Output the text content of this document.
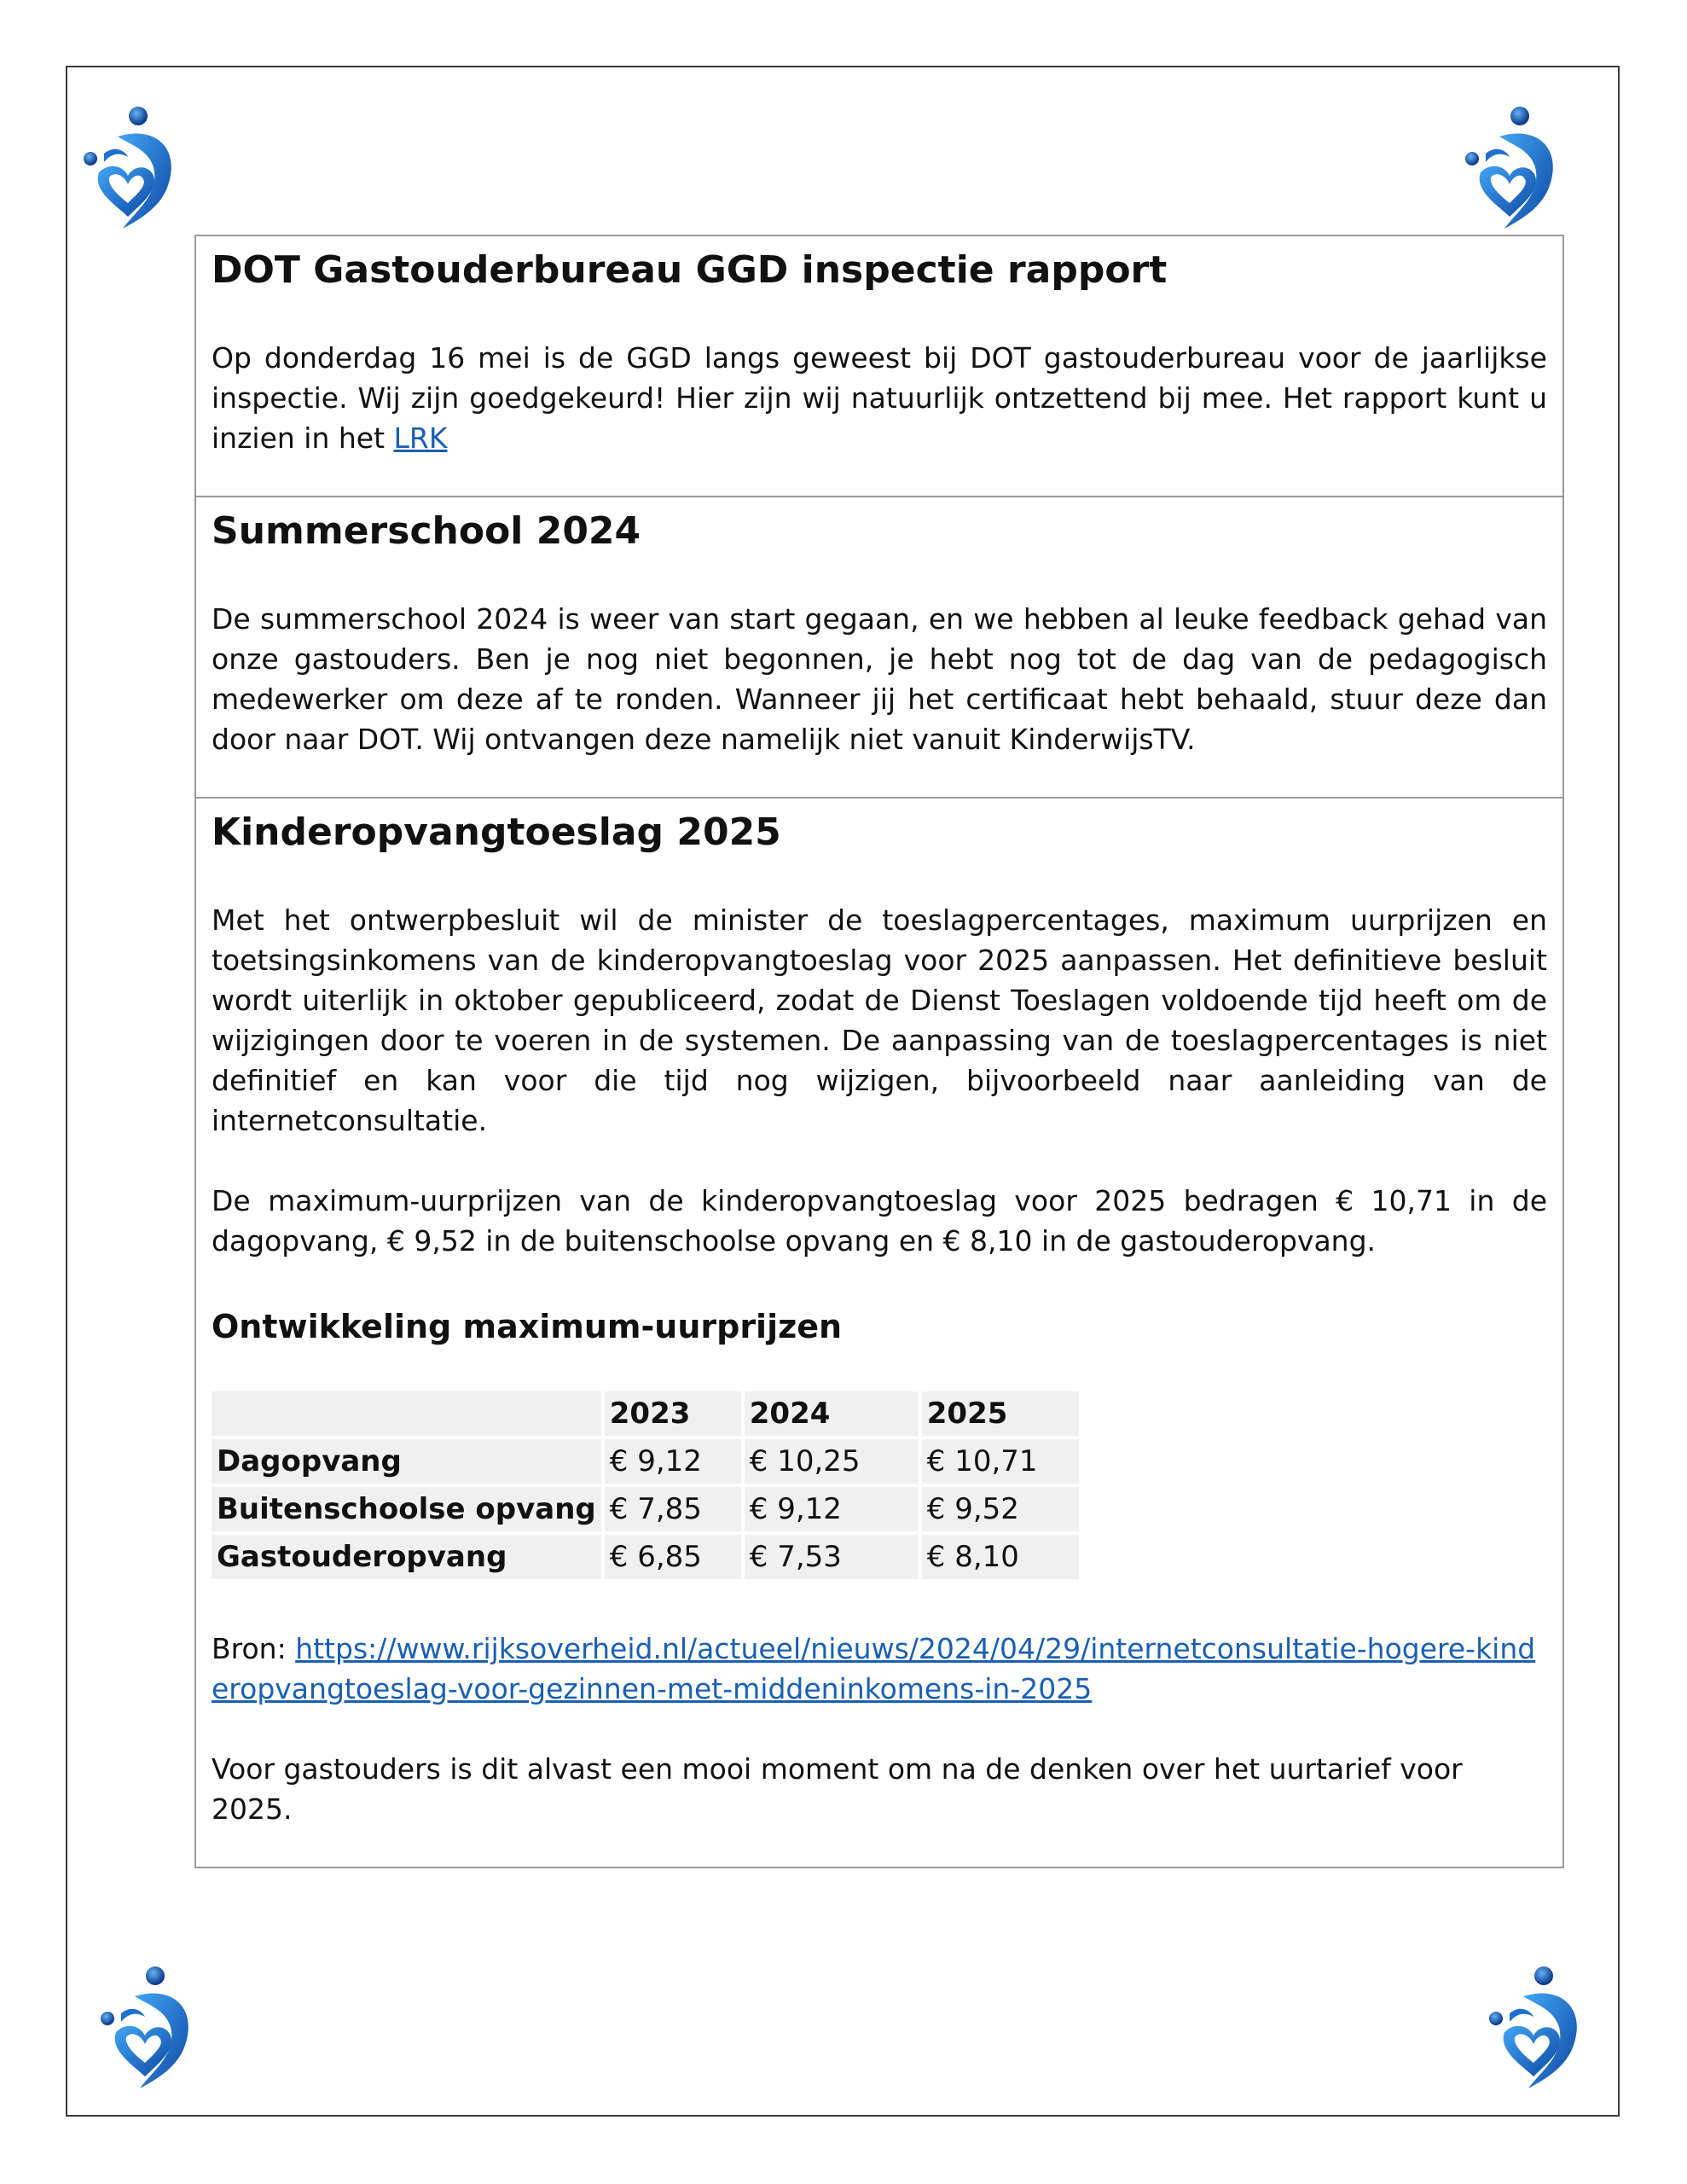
DOT Gastouderbureau GGD inspectie rapport

Op donderdag 16 mei is de GGD langs geweest bij DOT gastouderbureau voor de jaarlijkse inspectie. Wij zijn goedgekeurd! Hier zijn wij natuurlijk ontzettend bij mee. Het rapport kunt u inzien in het LRK

Summerschool 2024

De summerschool 2024 is weer van start gegaan, en we hebben al leuke feedback gehad van onze gastouders. Ben je nog niet begonnen, je hebt nog tot de dag van de pedagogisch medewerker om deze af te ronden. Wanneer jij het certificaat hebt behaald, stuur deze dan door naar DOT. Wij ontvangen deze namelijk niet vanuit KinderwijsTV.

Kinderopvangtoeslag 2025

Met het ontwerpbesluit wil de minister de toeslagpercentages, maximum uurprijzen en toetsingsinkomens van de kinderopvangtoeslag voor 2025 aanpassen. Het definitieve besluit wordt uiterlijk in oktober gepubliceerd, zodat de Dienst Toeslagen voldoende tijd heeft om de wijzigingen door te voeren in de systemen. De aanpassing van de toeslagpercentages is niet definitief en kan voor die tijd nog wijzigen, bijvoorbeeld naar aanleiding van de internetconsultatie.

De maximum-uurprijzen van de kinderopvangtoeslag voor 2025 bedragen € 10,71 in de dagopvang, € 9,52 in de buitenschoolse opvang en € 8,10 in de gastouderopvang.

Ontwikkeling maximum-uurprijzen
	2023	2024	2025
Dagopvang	€ 9,12	€ 10,25	€ 10,71
Buitenschoolse opvang	€ 7,85	€ 9,12	€ 9,52
Gastouderopvang	€ 6,85	€ 7,53	€ 8,10

Bron: https://www.rijksoverheid.nl/actueel/nieuws/2024/04/29/internetconsultatie-hogere-kinderopvangtoeslag-voor-gezinnen-met-middeninkomens-in-2025

Voor gastouders is dit alvast een mooi moment om na de denken over het uurtarief voor 2025.
